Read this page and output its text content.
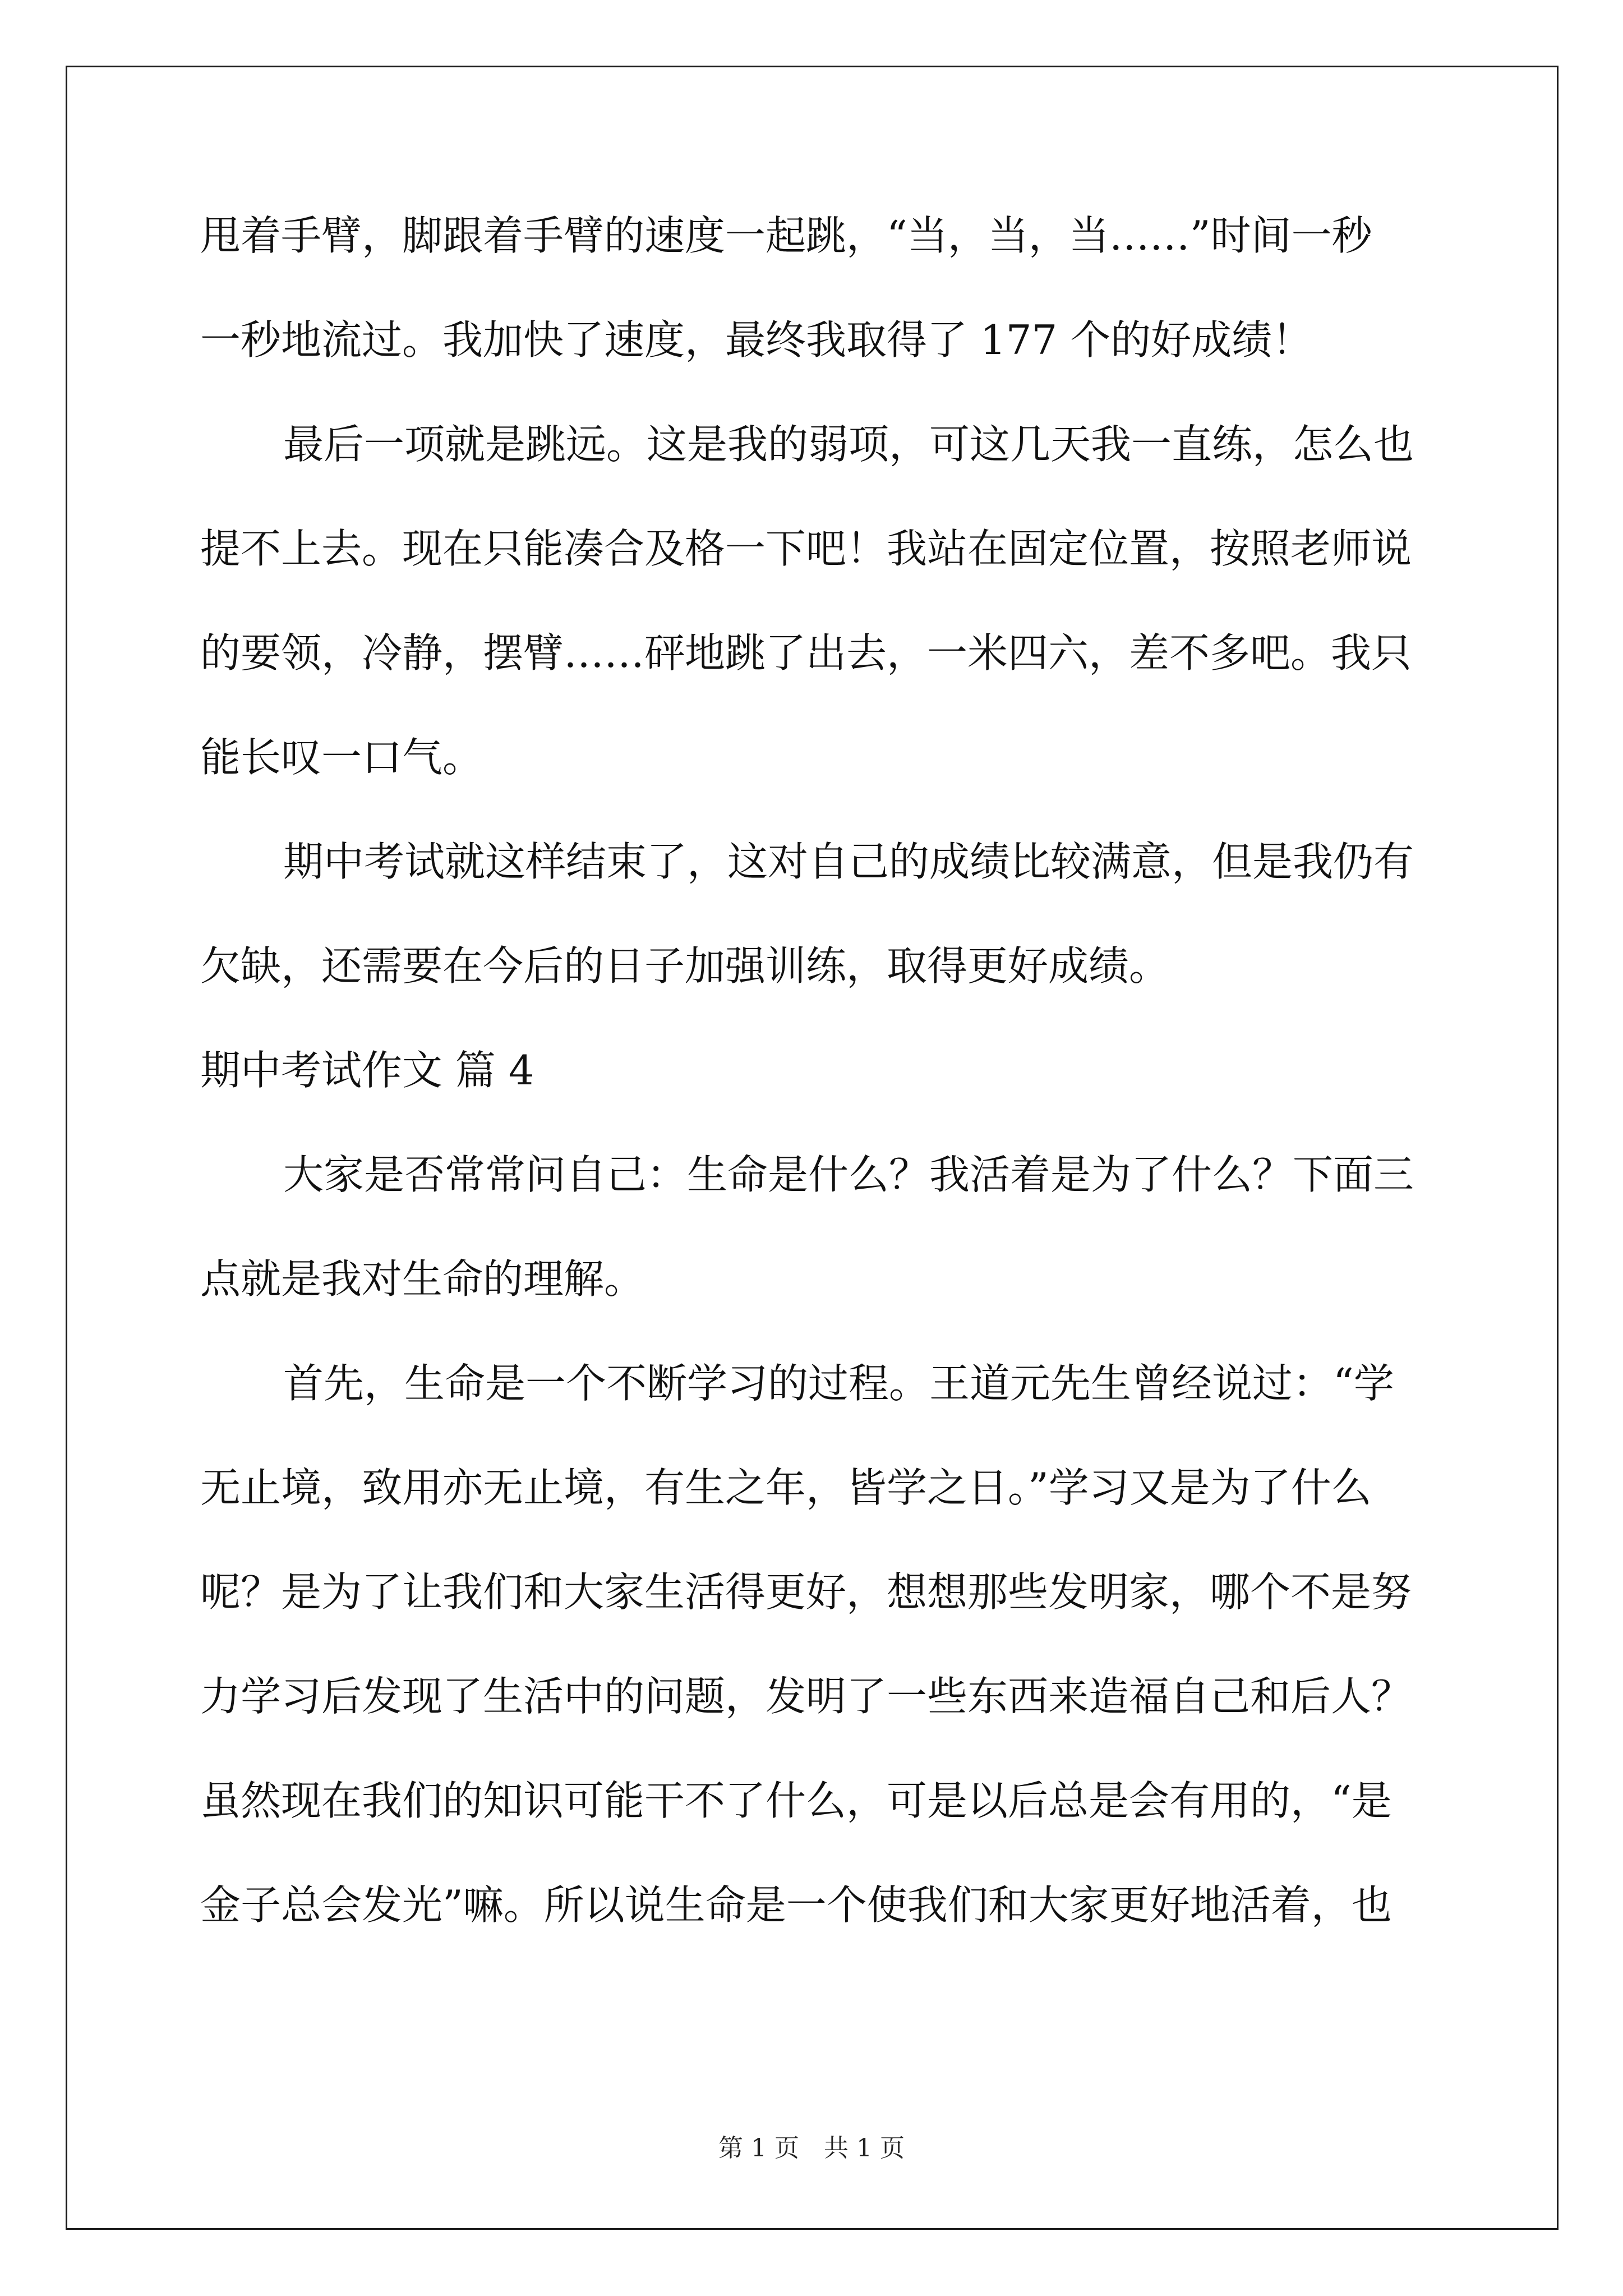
甩着手臂，脚跟着手臂的速度一起跳，“当，当，当……”时间一秒
一秒地流过。我加快了速度，最终我取得了 177 个的好成绩！
最后一项就是跳远。这是我的弱项，可这几天我一直练，怎么也
提不上去。现在只能凑合及格一下吧！我站在固定位置，按照老师说
的要领，冷静，摆臂……砰地跳了出去，一米四六，差不多吧。我只
能长叹一口气。
期中考试就这样结束了，这对自己的成绩比较满意，但是我仍有
欠缺，还需要在今后的日子加强训练，取得更好成绩。
期中考试作文 篇 4
大家是否常常问自己：生命是什么？我活着是为了什么？下面三
点就是我对生命的理解。
首先，生命是一个不断学习的过程。王道元先生曾经说过：“学
无止境，致用亦无止境，有生之年，皆学之日。”学习又是为了什么
呢？是为了让我们和大家生活得更好，想想那些发明家，哪个不是努
力学习后发现了生活中的问题，发明了一些东西来造福自己和后人？
虽然现在我们的知识可能干不了什么，可是以后总是会有用的，“是
金子总会发光”嘛。所以说生命是一个使我们和大家更好地活着，也
第 1 页　共 1 页
